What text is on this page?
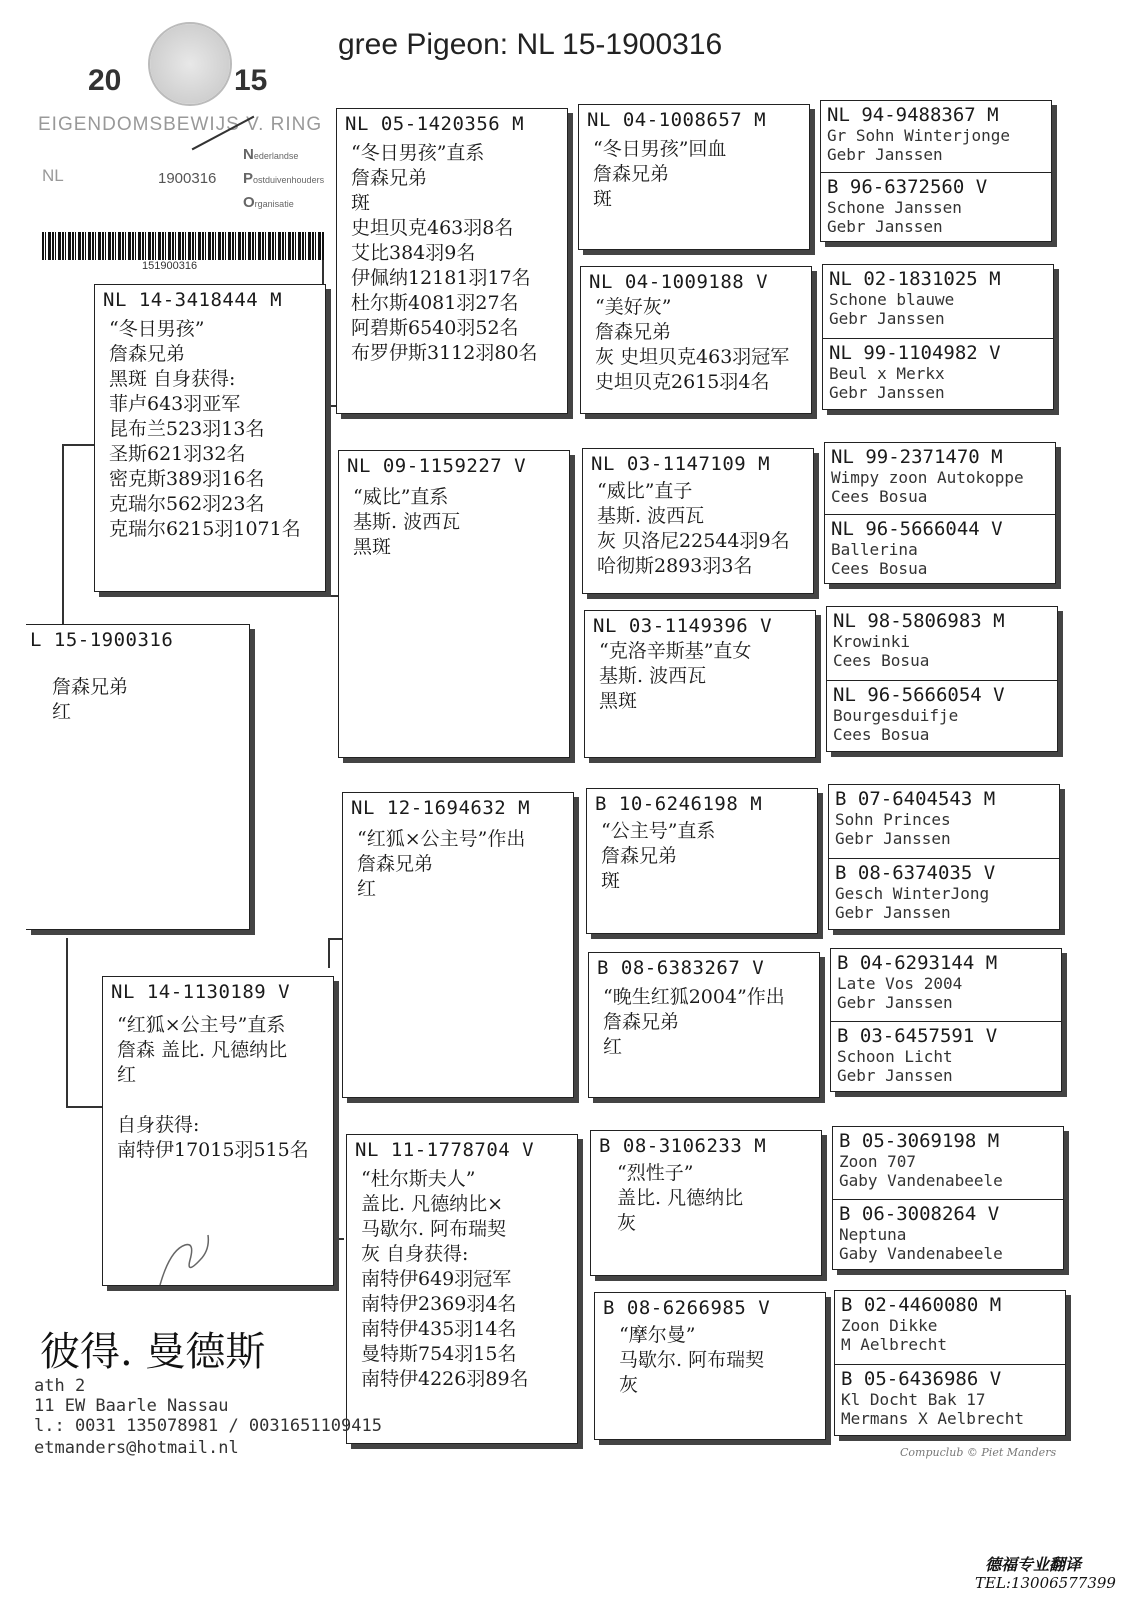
gree Pigeon: NL 15-1900316
20	15
EIGENDOMSBEWIJS V. RING
NL	1900316
Nederlandse
Postduivenhouders
Organisatie
151900316
L 15-1900316
詹森兄弟
红
NL 14-3418444 M
“冬日男孩”
詹森兄弟
黑斑 自身获得:
菲卢643羽亚军
昆布兰523羽13名
圣斯621羽32名
密克斯389羽16名
克瑞尔562羽23名
克瑞尔6215羽1071名
NL 14-1130189 V
“红狐×公主号”直系
詹森 盖比. 凡德纳比
红
自身获得:
南特伊17015羽515名
NL 05-1420356 M
“冬日男孩”直系
詹森兄弟
斑
史坦贝克463羽8名
艾比384羽9名
伊佩纳12181羽17名
杜尔斯4081羽27名
阿碧斯6540羽52名
布罗伊斯3112羽80名
NL 09-1159227 V
“威比”直系
基斯. 波西瓦
黑斑
NL 12-1694632 M
“红狐×公主号”作出
詹森兄弟
红
NL 11-1778704 V
“杜尔斯夫人”
盖比. 凡德纳比×
马歇尔. 阿布瑞契
灰 自身获得:
南特伊649羽冠军
南特伊2369羽4名
南特伊435羽14名
曼特斯754羽15名
南特伊4226羽89名
NL 04-1008657 M
“冬日男孩”回血
詹森兄弟
斑
NL 04-1009188 V
“美好灰”
詹森兄弟
灰 史坦贝克463羽冠军
史坦贝克2615羽4名
NL 03-1147109 M
“威比”直子
基斯. 波西瓦
灰 贝洛尼22544羽9名
哈彻斯2893羽3名
NL 03-1149396 V
“克洛辛斯基”直女
基斯. 波西瓦
黑斑
B 10-6246198 M
“公主号”直系
詹森兄弟
斑
B 08-6383267 V
“晚生红狐2004”作出
詹森兄弟
红
B 08-3106233 M
“烈性子”
盖比. 凡德纳比
灰
B 08-6266985 V
“摩尔曼”
马歇尔. 阿布瑞契
灰
NL 94-9488367 M
Gr Sohn Winterjonge
Gebr Janssen
B 96-6372560 V
Schone Janssen
Gebr Janssen
NL 02-1831025 M
Schone blauwe
Gebr Janssen
NL 99-1104982 V
Beul x Merkx
Gebr Janssen
NL 99-2371470 M
Wimpy zoon Autokoppe
Cees Bosua
NL 96-5666044 V
Ballerina
Cees Bosua
NL 98-5806983 M
Krowinki
Cees Bosua
NL 96-5666054 V
Bourgesduifje
Cees Bosua
B 07-6404543 M
Sohn Princes
Gebr Janssen
B 08-6374035 V
Gesch WinterJong
Gebr Janssen
B 04-6293144 M
Late Vos 2004
Gebr Janssen
B 03-6457591 V
Schoon Licht
Gebr Janssen
B 05-3069198 M
Zoon 707
Gaby Vandenabeele
B 06-3008264 V
Neptuna
Gaby Vandenabeele
B 02-4460080 M
Zoon Dikke
M Aelbrecht
B 05-6436986 V
Kl Docht Bak 17
Mermans X Aelbrecht
彼得. 曼德斯
ath 2
11 EW Baarle Nassau
l.: 0031 135078981 / 0031651109415
etmanders@hotmail.nl	Compuclub © Piet Manders
德福专业翻译
TEL:13006577399
